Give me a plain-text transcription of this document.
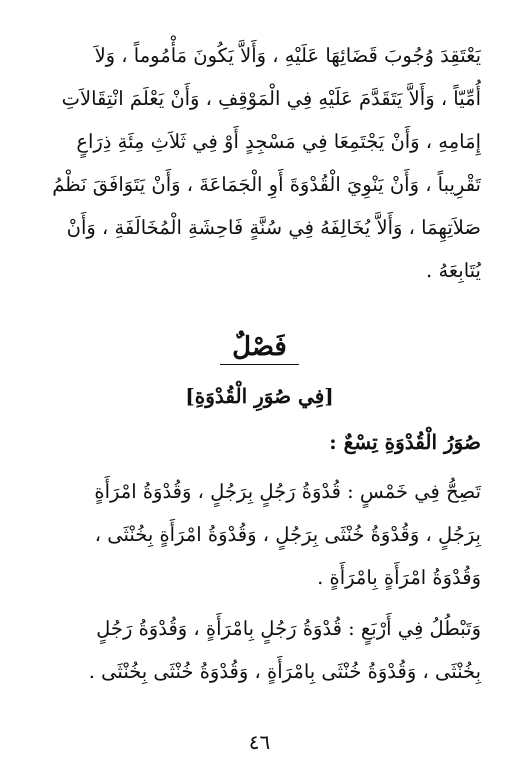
يَعْتَقِدَ وُجُوبَ قَضَائِهَا عَلَيْهِ ، وَأَلاَّ يَكُونَ مَأْمُوماً ، وَلاَ
أُمِّيّاً ، وَأَلاَّ يَتَقَدَّمَ عَلَيْهِ فِي الْمَوْقِفِ ، وَأَنْ يَعْلَمَ انْتِقَالاَتِ
إِمَامِهِ ، وَأَنْ يَجْتَمِعَا فِي مَسْجِدٍ أَوْ فِي ثَلاَثِ مِئَةِ ذِرَاعٍ
تَقْرِيباً ، وَأَنْ يَنْوِيَ الْقُدْوَةَ أَوِ الْجَمَاعَةَ ، وَأَنْ يَتَوَافَقَ نَظْمُ
صَلاَتِهِمَا ، وَأَلاَّ يُخَالِفَهُ فِي سُنَّةٍ فَاحِشَةِ الْمُخَالَفَةِ ، وَأَنْ
يُتَابِعَهُ .

فَصْلٌ
[فِي صُوَرِ الْقُدْوَةِ]
صُوَرُ الْقُدْوَةِ تِسْعٌ :

تَصِحُّ فِي خَمْسٍ : قُدْوَةُ رَجُلٍ بِرَجُلٍ ، وَقُدْوَةُ امْرَأَةٍ
بِرَجُلٍ ، وَقُدْوَةُ خُنْثَى بِرَجُلٍ ، وَقُدْوَةُ امْرَأَةٍ بِخُنْثَى ،
وَقُدْوَةُ امْرَأَةٍ بِامْرَأَةٍ .

وَتَبْطُلُ فِي أَرْبَعٍ : قُدْوَةُ رَجُلٍ بِامْرَأَةٍ ، وَقُدْوَةُ رَجُلٍ
بِخُنْثَى ، وَقُدْوَةُ خُنْثَى بِامْرَأَةٍ ، وَقُدْوَةُ خُنْثَى بِخُنْثَى .

٤٦
